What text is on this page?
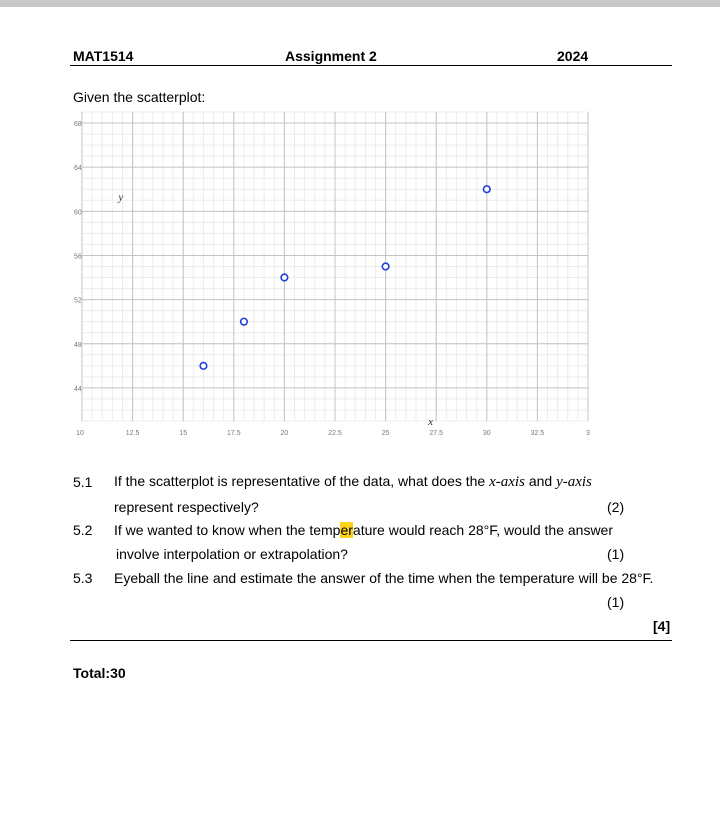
MAT1514	Assignment 2	2024
Given the scatterplot:
10	12.5	15	17.5	20	22.5	25	27.5	30	32.5	3
44
48
52
56
60
64
68
x
y
5.1 If the scatterplot is representative of the data, what does the x-axis and y-axis
represent respectively?	(2)
5.2 If we wanted to know when the temperature would reach 28°F, would the answer
involve interpolation or extrapolation?	(1)
5.3 Eyeball the line and estimate the answer of the time when the temperature will be 28°F.
(1)
[4]
Total:30
